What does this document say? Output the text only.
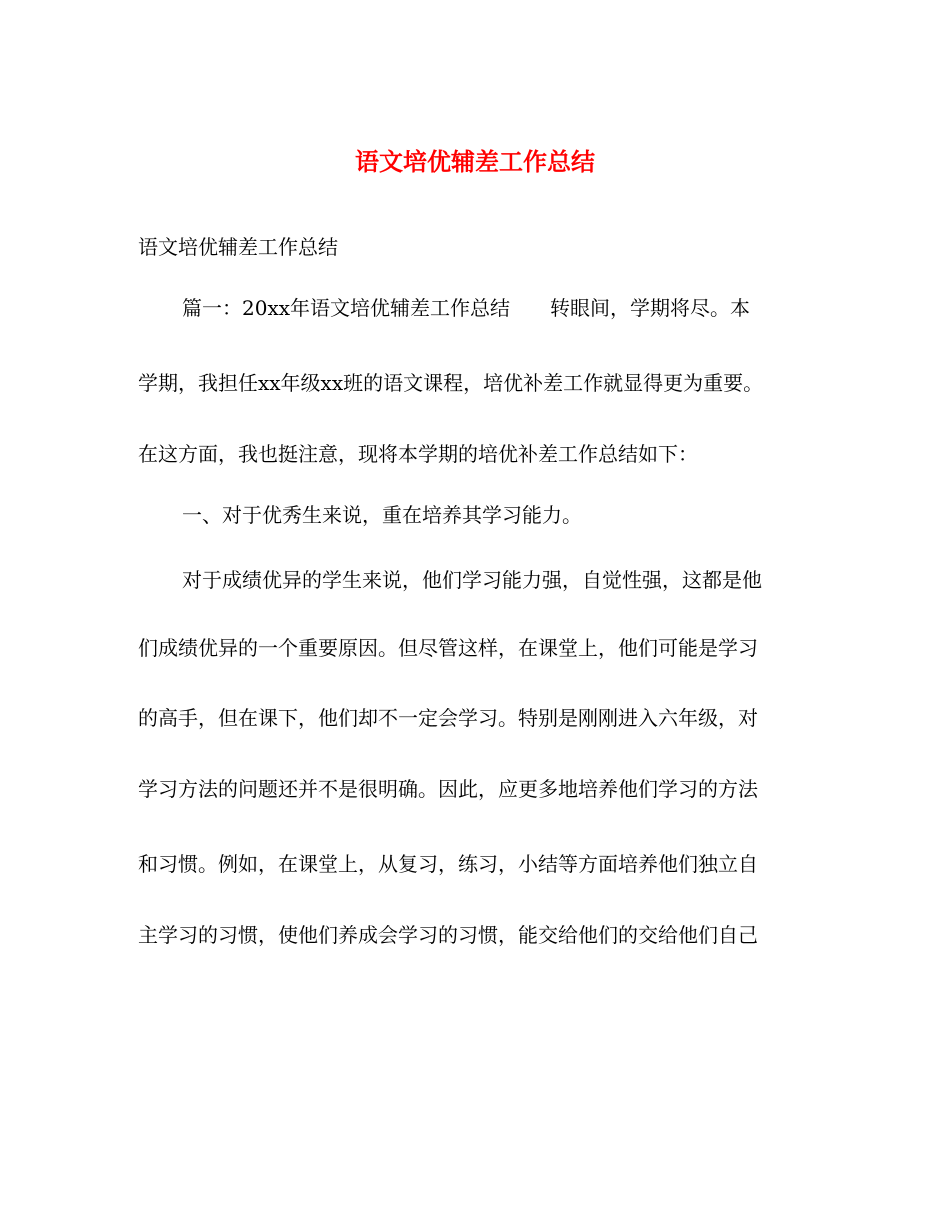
语文培优辅差工作总结

语文培优辅差工作总结

篇一：20xx年语文培优辅差工作总结 转眼间，学期将尽。本

学期，我担任xx年级xx班的语文课程，培优补差工作就显得更为重要。

在这方面，我也挺注意，现将本学期的培优补差工作总结如下：

一、对于优秀生来说，重在培养其学习能力。

对于成绩优异的学生来说，他们学习能力强，自觉性强，这都是他

们成绩优异的一个重要原因。但尽管这样，在课堂上，他们可能是学习

的高手，但在课下，他们却不一定会学习。特别是刚刚进入六年级，对

学习方法的问题还并不是很明确。因此，应更多地培养他们学习的方法

和习惯。例如，在课堂上，从复习，练习，小结等方面培养他们独立自

主学习的习惯，使他们养成会学习的习惯，能交给他们的交给他们自己
